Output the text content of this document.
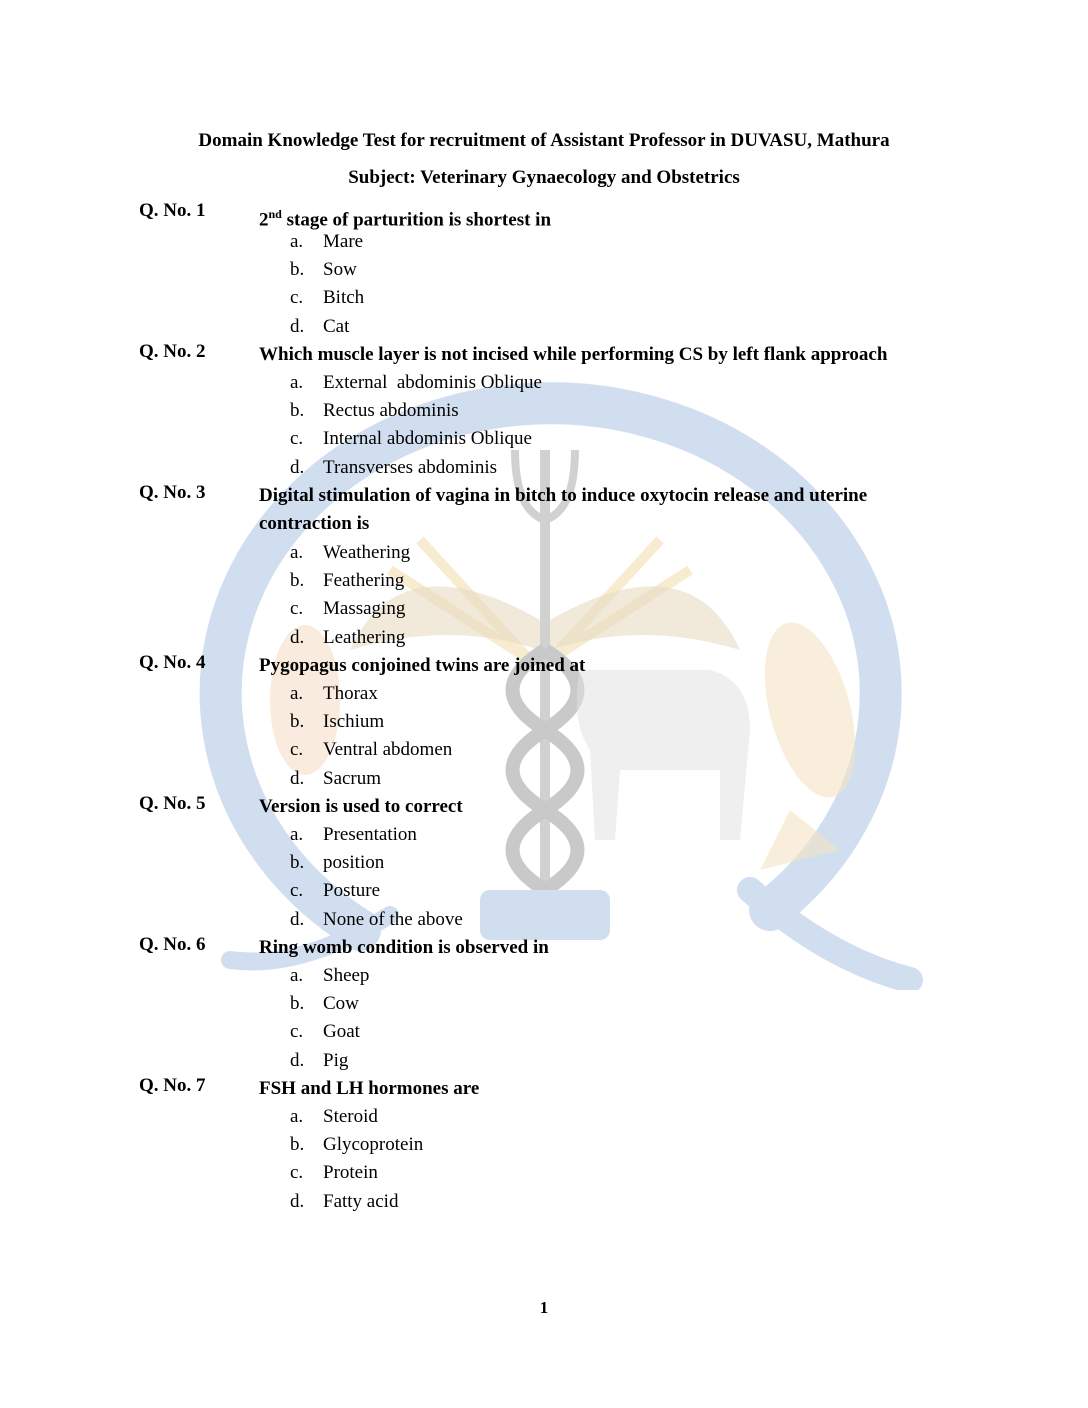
Domain Knowledge Test for recruitment of Assistant Professor in DUVASU, Mathura
Subject: Veterinary Gynaecology and Obstetrics
Q. No. 1	2nd stage of parturition is shortest in
a. Mare
b. Sow
c. Bitch
d. Cat
Q. No. 2	Which muscle layer is not incised while performing CS by left flank approach
a. External  abdominis Oblique
b. Rectus abdominis
c. Internal abdominis Oblique
d. Transverses abdominis
Q. No. 3	Digital stimulation of vagina in bitch to induce oxytocin release and uterine contraction is
a. Weathering
b. Feathering
c. Massaging
d. Leathering
Q. No. 4	Pygopagus conjoined twins are joined at
a. Thorax
b. Ischium
c. Ventral abdomen
d. Sacrum
Q. No. 5	Version is used to correct
a. Presentation
b. position
c. Posture
d. None of the above
Q. No. 6	Ring womb condition is observed in
a. Sheep
b. Cow
c. Goat
d. Pig
Q. No. 7	FSH and LH hormones are
a. Steroid
b. Glycoprotein
c. Protein
d. Fatty acid
1
